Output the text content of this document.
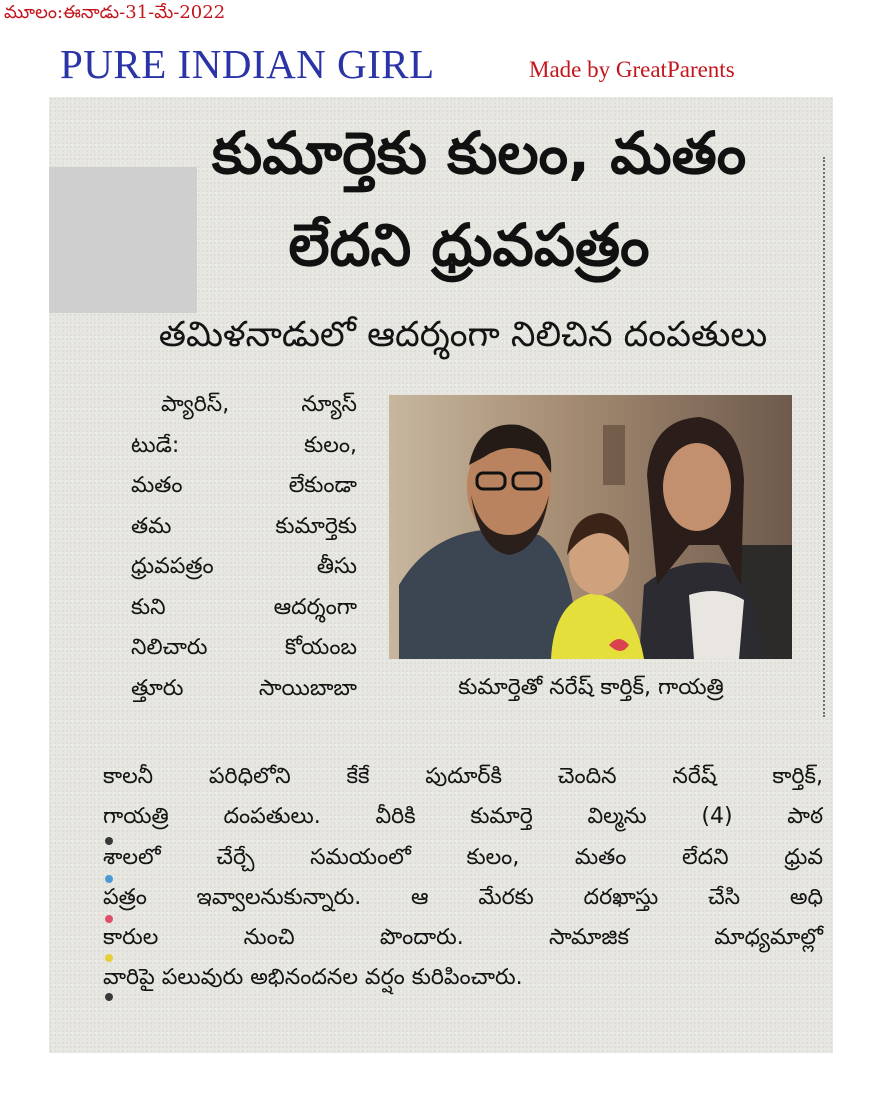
మూలం:ఈనాడు-31-మే-2022
PURE INDIAN GIRL	Made by GreatParents
కుమార్తెకు కులం, మతం
లేదని ధ్రువపత్రం
తమిళనాడులో ఆదర్శంగా నిలిచిన దంపతులు
ప్యారిస్, న్యూస్
టుడే: కులం,
మతం లేకుండా
తమ కుమార్తెకు
ధ్రువపత్రం తీసు
కుని ఆదర్శంగా
నిలిచారు కోయంబ
త్తూరు సాయిబాబా	కుమార్తెతో నరేష్ కార్తిక్, గాయత్రి
కాలనీ పరిధిలోని కేకే పుదూర్‌కి చెందిన నరేష్ కార్తిక్,
గాయత్రి దంపతులు. వీరికి కుమార్తె విల్మను (4) పాఠ
శాలలో చేర్చే సమయంలో కులం, మతం లేదని ధ్రువ
పత్రం ఇవ్వాలనుకున్నారు. ఆ మేరకు దరఖాస్తు చేసి అధి
కారుల నుంచి పొందారు. సామాజిక మాధ్యమాల్లో
వారిపై పలువురు అభినందనల వర్షం కురిపించారు.
